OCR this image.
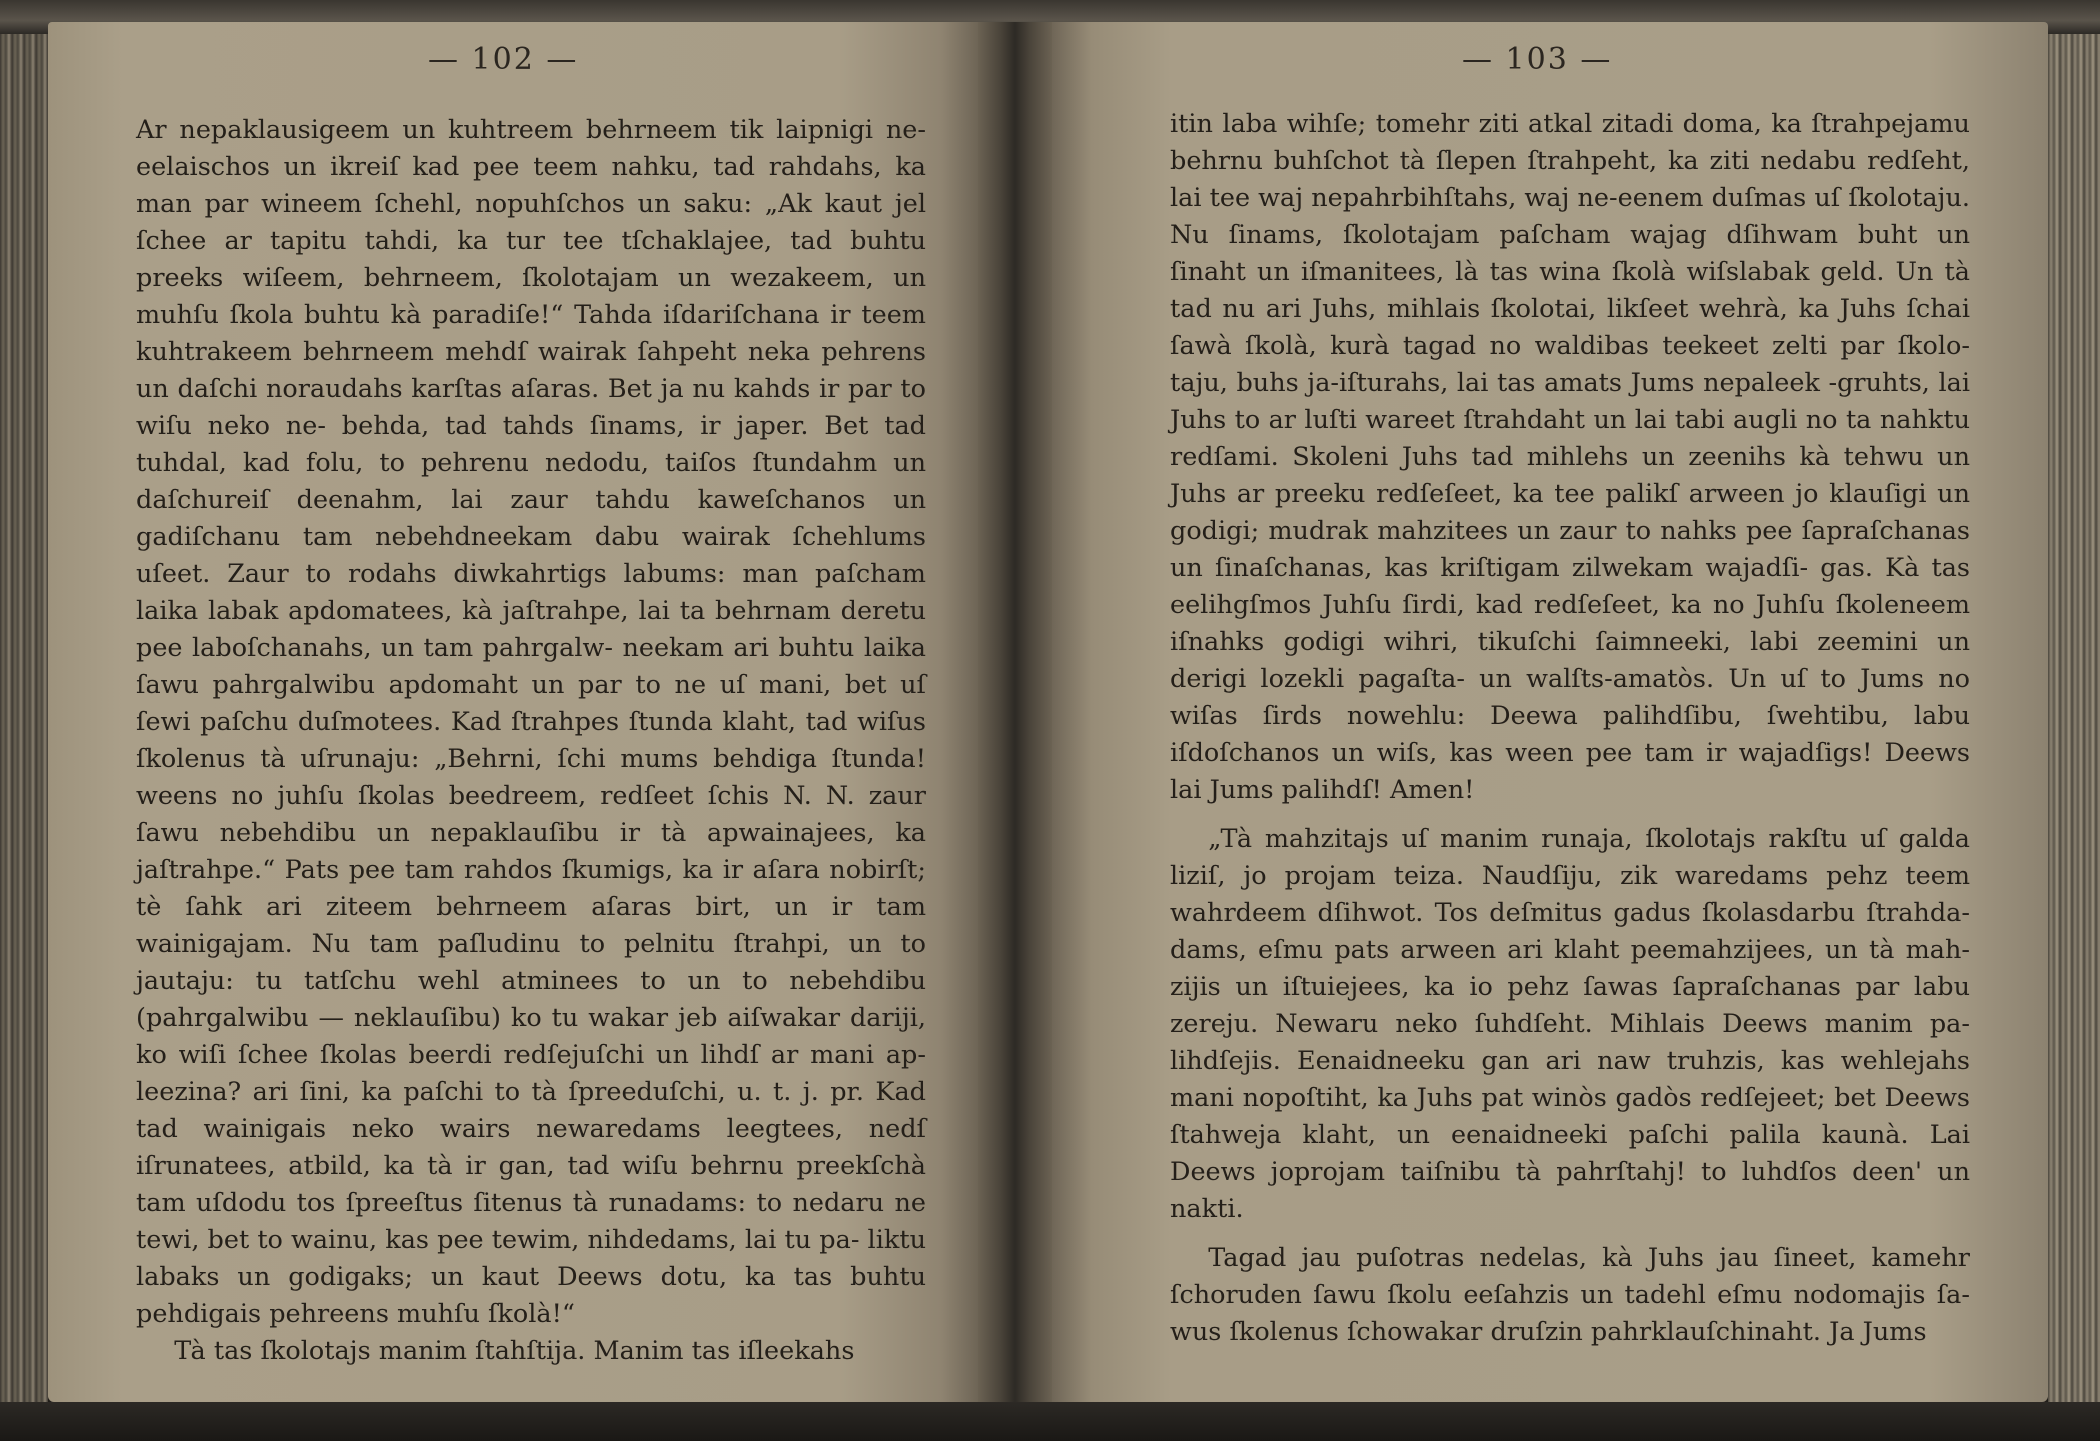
— 102 —

Ar nepaklausigeem un kuhtreem behrneem tik laipnigi ne- eelaischos un ikreiſ kad pee teem nahku, tad rahdahs, ka man par wineem ſchehl, nopuhſchos un saku: „Ak kaut jel ſchee ar tapitu tahdi, ka tur tee tſchaklajee, tad buhtu preeks wiſeem, behrneem, ſkolotajam un wezakeem, un muhſu ſkola buhtu kà paradiſe!“ Tahda iſdariſchana ir teem kuhtrakeem behrneem mehdſ wairak ſahpeht neka pehrens un daſchi noraudahs karſtas aſaras. Bet ja nu kahds ir par to wiſu neko ne- behda, tad tahds ſinams, ir japer. Bet tad tuhdal, kad folu, to pehrenu nedodu, taiſos ſtundahm un daſchureiſ deenahm, lai zaur tahdu kaweſchanos un gadiſchanu tam nebehdneekam dabu wairak ſchehlums uſeet. Zaur to rodahs diwkahrtigs labums: man paſcham laika labak apdomatees, kà jaſtrahpe, lai ta behrnam deretu pee laboſchanahs, un tam pahrgalw- neekam ari buhtu laika ſawu pahrgalwibu apdomaht un par to ne uſ mani, bet uſ ſewi paſchu duſmotees. Kad ſtrahpes ſtunda klaht, tad wiſus ſkolenus tà uſrunaju: „Behrni, ſchi mums behdiga ſtunda! weens no juhſu ſkolas beedreem, redſeet ſchis N. N. zaur ſawu nebehdibu un nepaklauſibu ir tà apwainajees, ka jaſtrahpe.“ Pats pee tam rahdos ſkumigs, ka ir aſara nobirſt; tè ſahk ari ziteem behrneem aſaras birt, un ir tam wainigajam. Nu tam paſludinu to pelnitu ſtrahpi, un to jautaju: tu tatſchu wehl atminees to un to nebehdibu (pahrgalwibu — neklauſibu) ko tu wakar jeb aiſwakar dariji, ko wiſi ſchee ſkolas beerdi redſejuſchi un lihdſ ar mani ap- leezina? ari ſini, ka paſchi to tà ſpreeduſchi, u. t. j. pr. Kad tad wainigais neko wairs newaredams leegtees, nedſ iſrunatees, atbild, ka tà ir gan, tad wiſu behrnu preekſchà tam uſdodu tos ſpreeſtus ſitenus tà runadams: to nedaru ne tewi, bet to wainu, kas pee tewim, nihdedams, lai tu pa- liktu labaks un godigaks; un kaut Deews dotu, ka tas buhtu pehdigais pehreens muhſu ſkolà!“

Tà tas ſkolotajs manim ſtahſtija. Manim tas iſleekahs

— 103 —

itin laba wihſe; tomehr ziti atkal zitadi doma, ka ſtrahpejamu behrnu buhſchot tà ſlepen ſtrahpeht, ka ziti nedabu redſeht, lai tee waj nepahrbihſtahs, waj ne-eenem duſmas uſ ſkolotaju. Nu ſinams, ſkolotajam paſcham wajag dſihwam buht un ſinaht un iſmanitees, là tas wina ſkolà wiſslabak geld. Un tà tad nu ari Juhs, mihlais ſkolotai, likſeet wehrà, ka Juhs ſchai ſawà ſkolà, kurà tagad no waldibas teekeet zelti par ſkolo- taju, buhs ja-iſturahs, lai tas amats Jums nepaleek -gruhts, lai Juhs to ar luſti wareet ſtrahdaht un lai tabi augli no ta nahktu redſami. Skoleni Juhs tad mihlehs un zeenihs kà tehwu un Juhs ar preeku redſeſeet, ka tee palikſ arween jo klauſigi un godigi; mudrak mahzitees un zaur to nahks pee ſapraſchanas un ſinaſchanas, kas kriſtigam zilwekam wajadſi- gas. Kà tas eelihgſmos Juhſu ſirdi, kad redſeſeet, ka no Juhſu ſkoleneem iſnahks godigi wihri, tikuſchi ſaimneeki, labi zeemini un derigi lozekli pagaſta- un walſts-amatòs. Un uſ to Jums no wiſas ſirds nowehlu: Deewa palihdſibu, ſwehtibu, labu iſdoſchanos un wiſs, kas ween pee tam ir wajadſigs! Deews lai Jums palihdſ! Amen!

„Tà mahzitajs uſ manim runaja, ſkolotajs rakſtu uſ galda liziſ, jo projam teiza. Naudſiju, zik waredams pehz teem wahrdeem dſihwot. Tos deſmitus gadus ſkolasdarbu ſtrahda- dams, eſmu pats arween ari klaht peemahzijees, un tà mah- zijis un iſtuiejees, ka io pehz ſawas ſapraſchanas par labu zereju. Newaru neko ſuhdſeht. Mihlais Deews manim pa- lihdſejis. Eenaidneeku gan ari naw truhzis, kas wehlejahs mani nopoſtiht, ka Juhs pat winòs gadòs redſejeet; bet Deews ſtahweja klaht, un eenaidneeki paſchi palila kaunà. Lai Deews joprojam taiſnibu tà pahrſtahj! to luhdſos deen' un nakti.

Tagad jau puſotras nedelas, kà Juhs jau ſineet, kamehr ſchoruden ſawu ſkolu eeſahzis un tadehl eſmu nodomajis ſa- wus ſkolenus ſchowakar druſzin pahrklauſchinaht. Ja Jums
